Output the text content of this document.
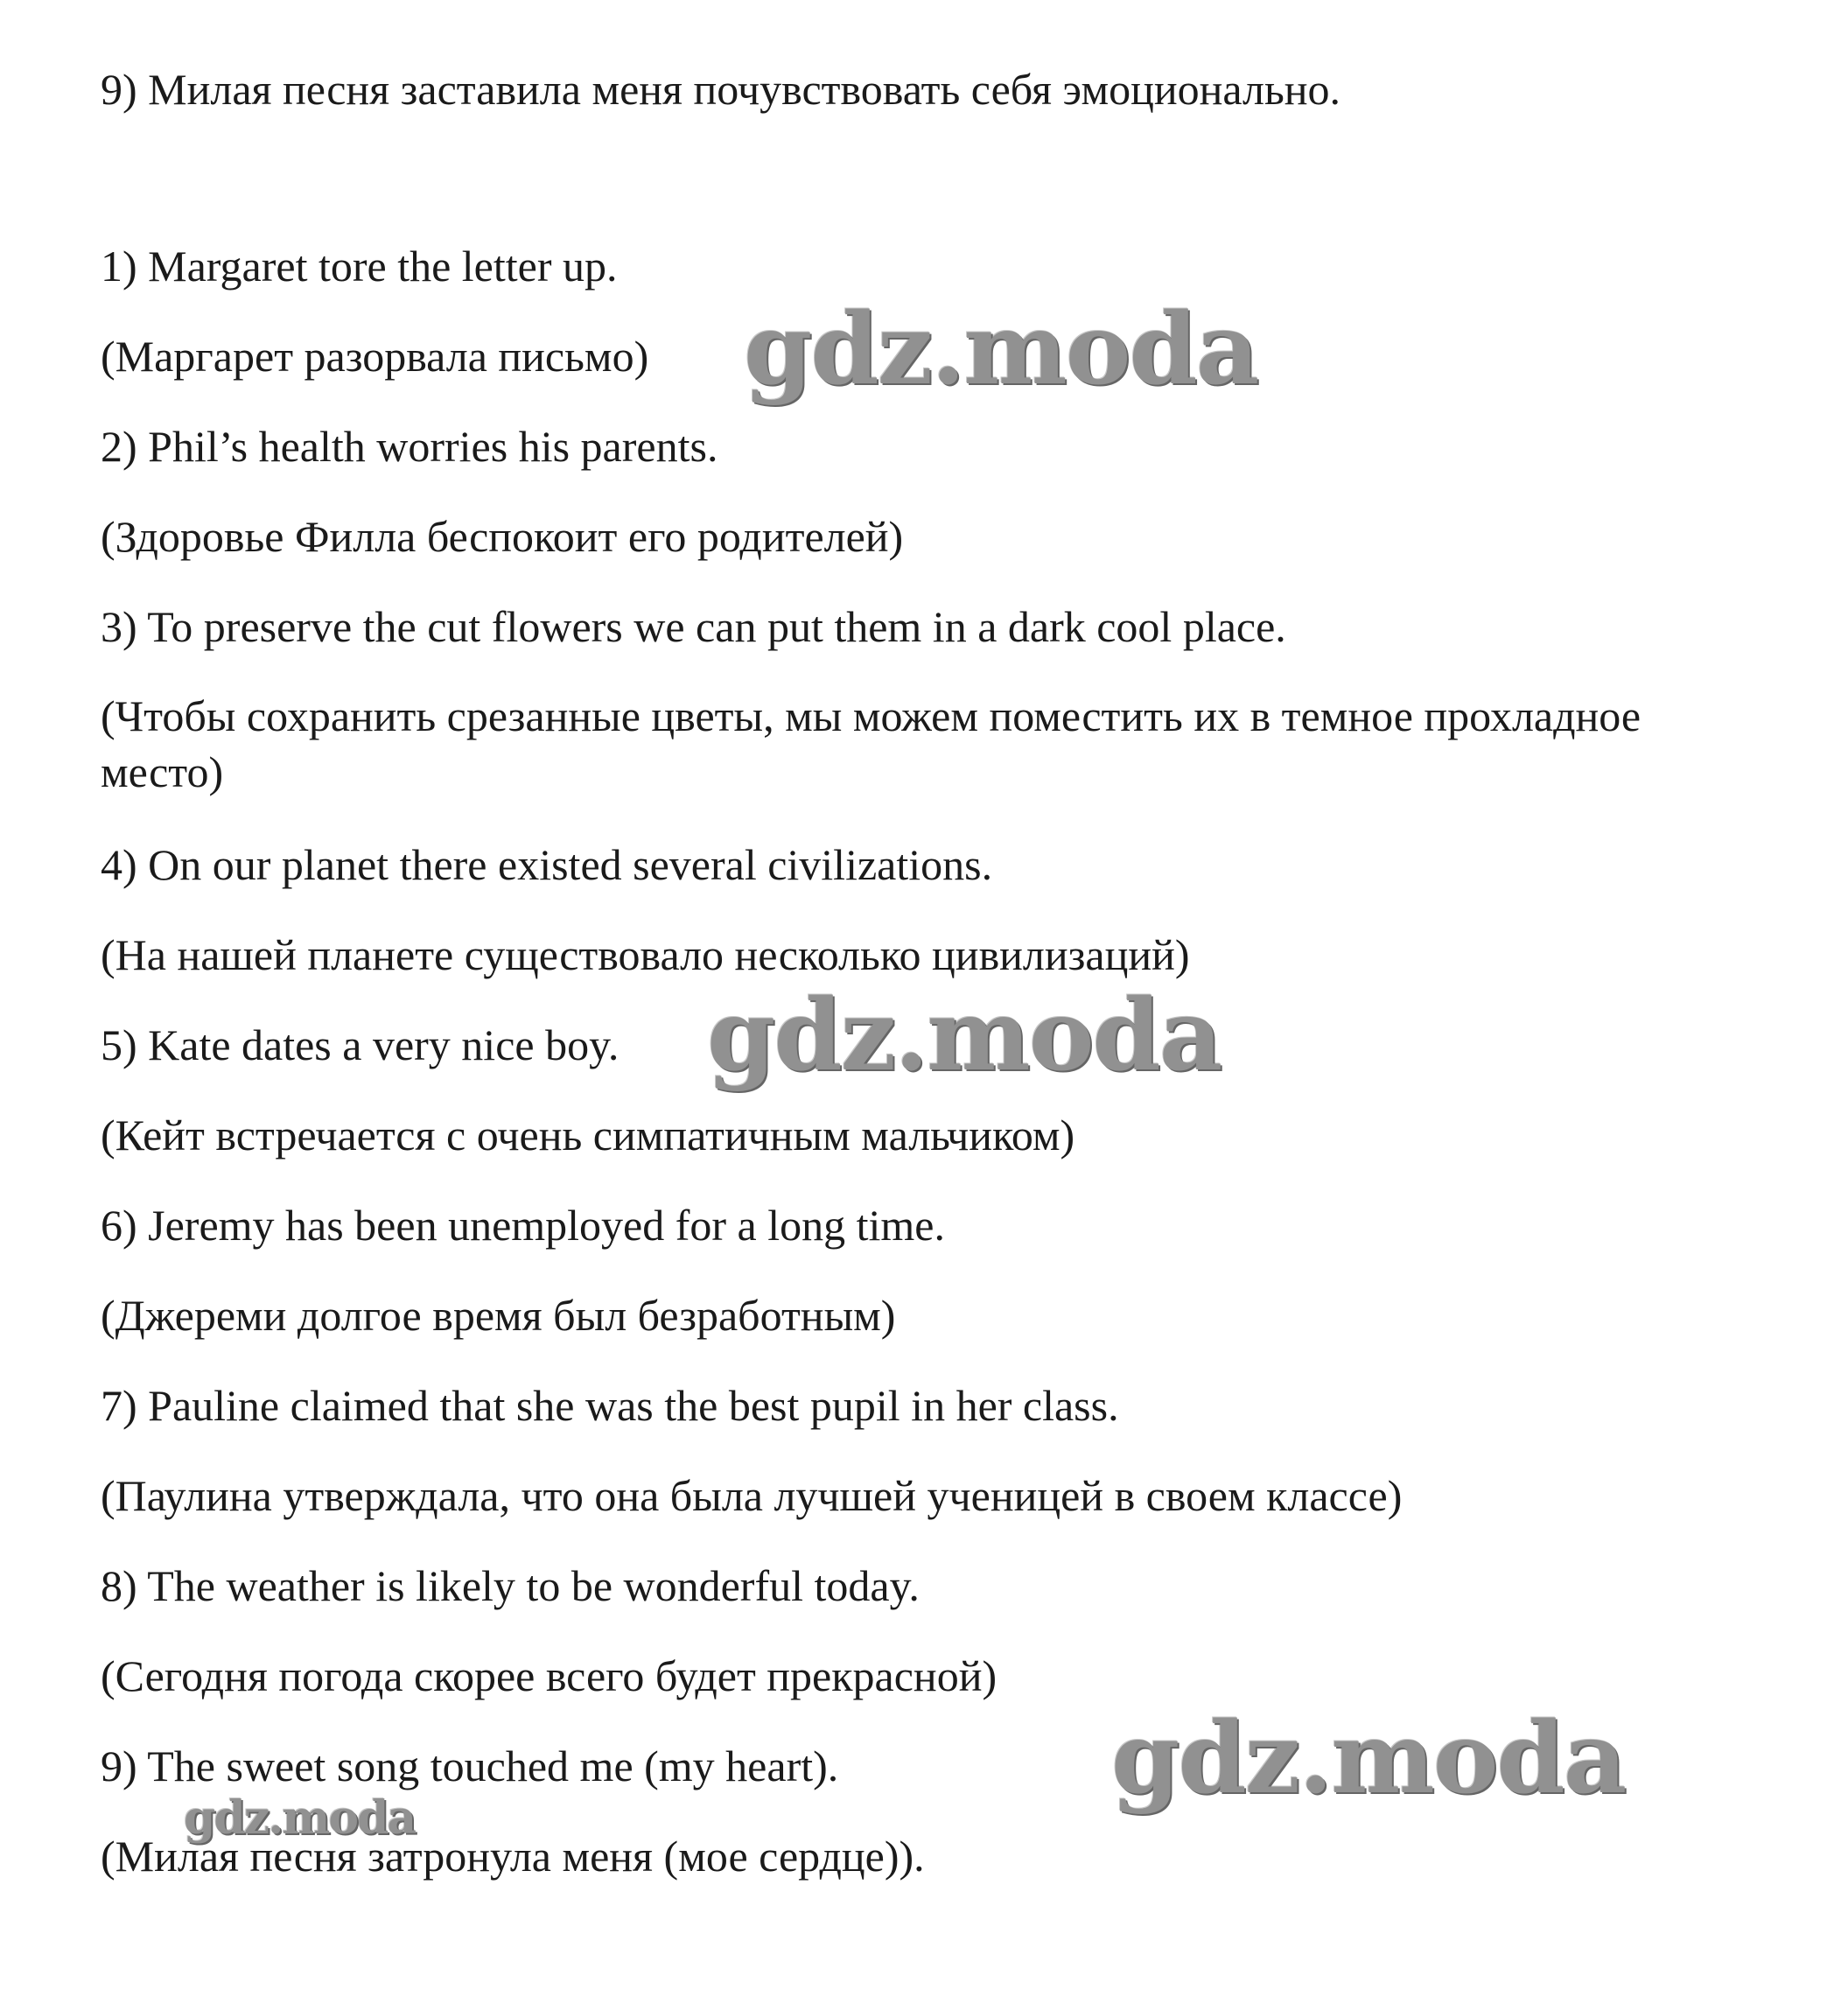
9) Милая песня заставила меня почувствовать себя эмоционально.

1) Margaret tore the letter up.

(Маргарет разорвала письмо)

2) Phil’s health worries his parents.

(Здоровье Филла беспокоит его родителей)

3) To preserve the cut flowers we can put them in a dark cool place.

(Чтобы сохранить срезанные цветы, мы можем поместить их в темное прохладное место)

4) On our planet there existed several civilizations.

(На нашей планете существовало несколько цивилизаций)

5) Kate dates a very nice boy.

(Кейт встречается с очень симпатичным мальчиком)

6) Jeremy has been unemployed for a long time.

(Джереми долгое время был безработным)

7) Pauline claimed that she was the best pupil in her class.

(Паулина утверждала, что она была лучшей ученицей в своем классе)

8) The weather is likely to be wonderful today.

(Сегодня погода скорее всего будет прекрасной)

9) The sweet song touched me (my heart).

(Милая песня затронула меня (мое сердце)).

gdz.moda
gdz.moda
gdz.moda
gdz.moda
